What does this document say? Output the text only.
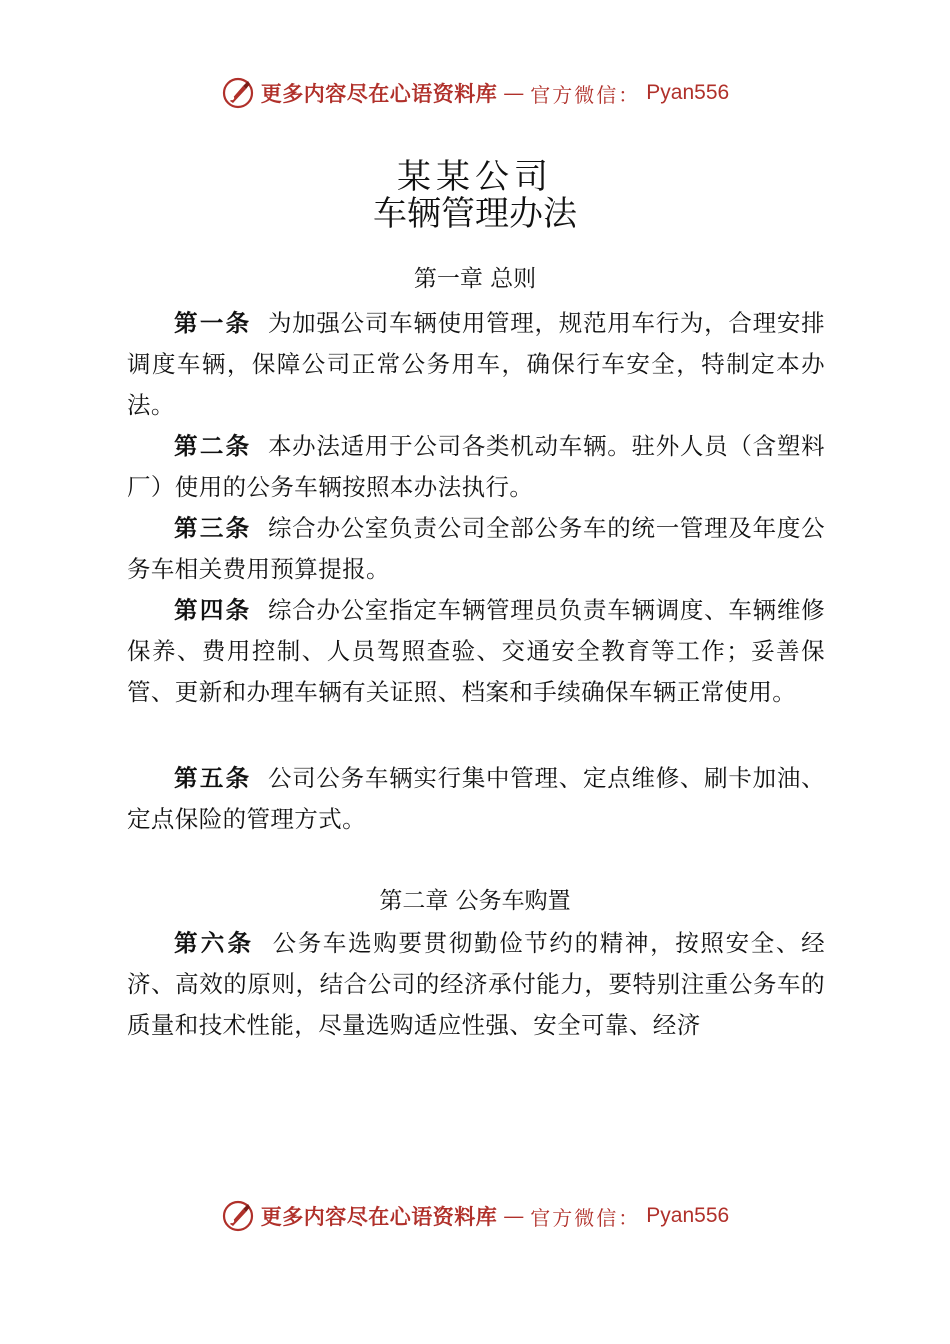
更多内容尽在心语资料库 — 官方微信： Pyan556
某某公司
车辆管理办法
第一章 总则

第一条 为加强公司车辆使用管理，规范用车行为，合理安排调度车辆，保障公司正常公务用车，确保行车安全，特制定本办法。

第二条 本办法适用于公司各类机动车辆。驻外人员（含塑料厂）使用的公务车辆按照本办法执行。

第三条 综合办公室负责公司全部公务车的统一管理及年度公务车相关费用预算提报。

第四条 综合办公室指定车辆管理员负责车辆调度、车辆维修保养、费用控制、人员驾照查验、交通安全教育等工作；妥善保管、更新和办理车辆有关证照、档案和手续确保车辆正常使用。

第五条 公司公务车辆实行集中管理、定点维修、刷卡加油、定点保险的管理方式。

第二章 公务车购置

第六条 公务车选购要贯彻勤俭节约的精神，按照安全、经济、高效的原则，结合公司的经济承付能力，要特别注重公务车的质量和技术性能，尽量选购适应性强、安全可靠、经济

更多内容尽在心语资料库 — 官方微信： Pyan556
